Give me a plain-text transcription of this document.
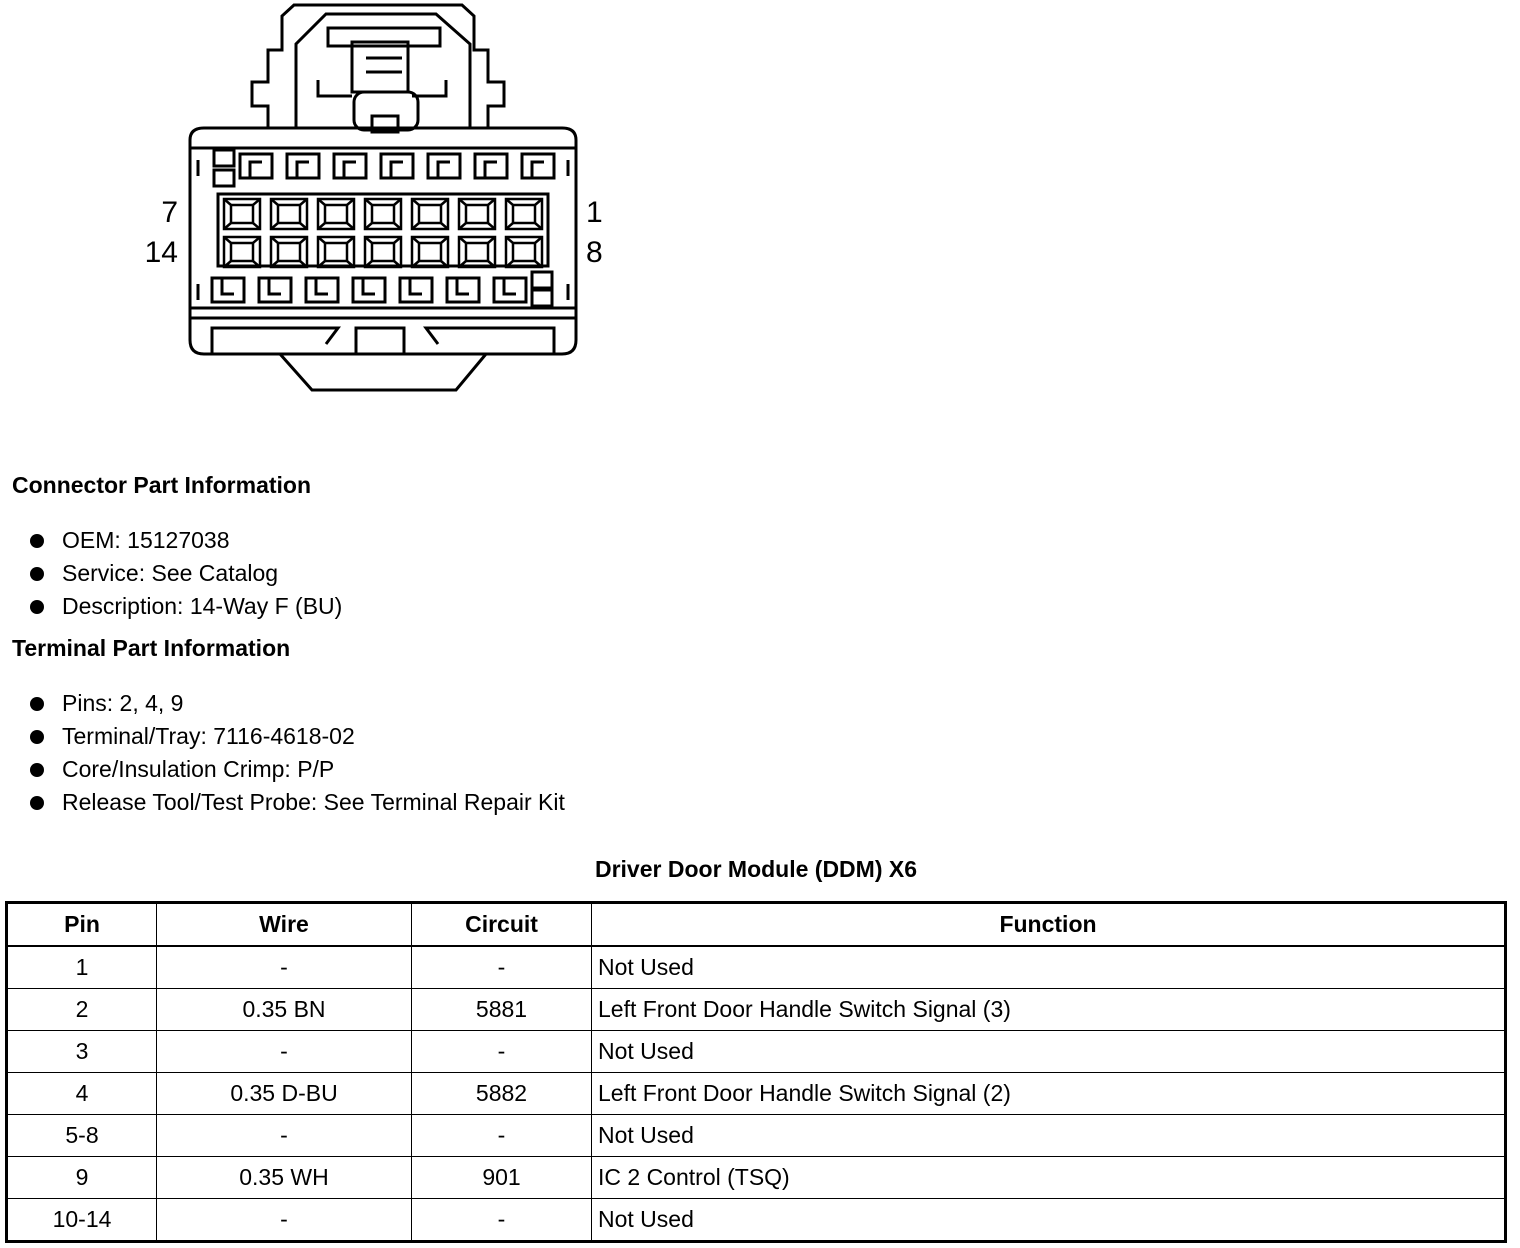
7
14
1
8
Connector Part Information
OEM: 15127038
Service: See Catalog
Description: 14-Way F (BU)
Terminal Part Information
Pins: 2, 4, 9
Terminal/Tray: 7116-4618-02
Core/Insulation Crimp: P/P
Release Tool/Test Probe: See Terminal Repair Kit
Driver Door Module (DDM) X6
Pin	Wire	Circuit	Function
1	-	-	Not Used
2	0.35 BN	5881	Left Front Door Handle Switch Signal (3)
3	-	-	Not Used
4	0.35 D-BU	5882	Left Front Door Handle Switch Signal (2)
5-8	-	-	Not Used
9	0.35 WH	901	IC 2 Control (TSQ)
10-14	-	-	Not Used
